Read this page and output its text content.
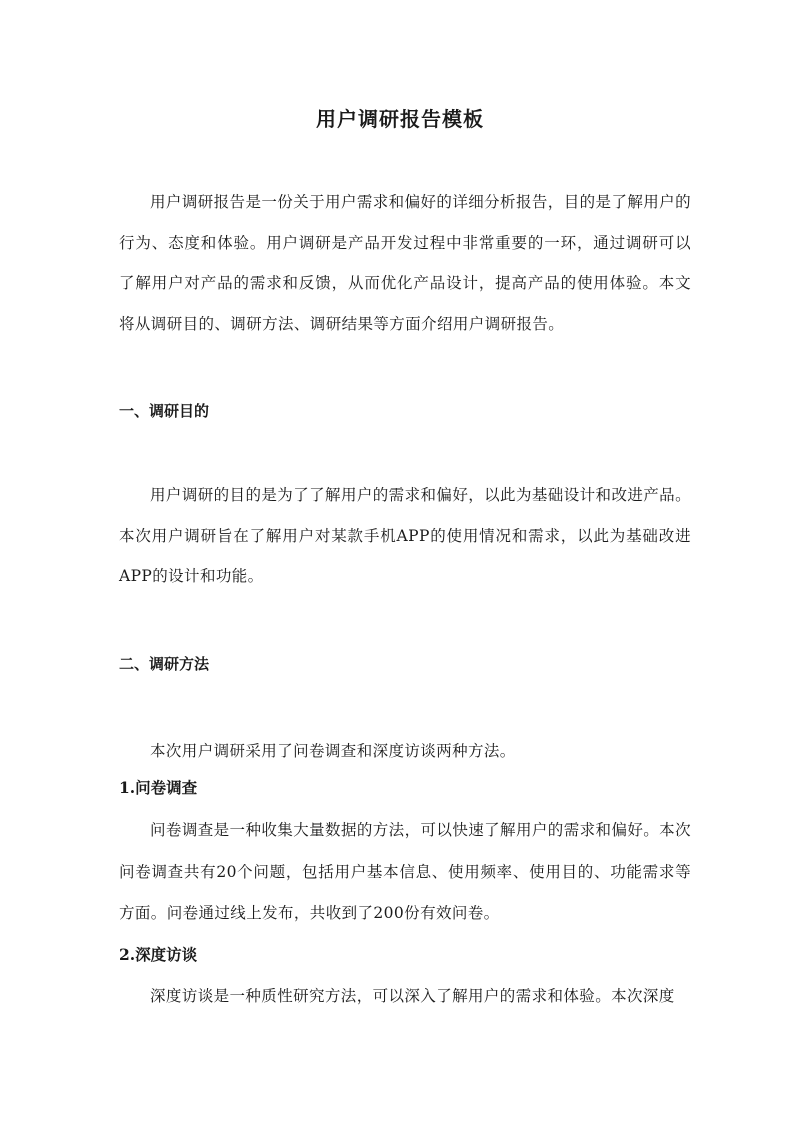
用户调研报告模板

用户调研报告是一份关于用户需求和偏好的详细分析报告，目的是了解用户的行为、态度和体验。用户调研是产品开发过程中非常重要的一环，通过调研可以了解用户对产品的需求和反馈，从而优化产品设计，提高产品的使用体验。本文将从调研目的、调研方法、调研结果等方面介绍用户调研报告。

一、调研目的

用户调研的目的是为了了解用户的需求和偏好，以此为基础设计和改进产品。本次用户调研旨在了解用户对某款手机APP的使用情况和需求，以此为基础改进APP的设计和功能。

二、调研方法

本次用户调研采用了问卷调查和深度访谈两种方法。

1.问卷调查

问卷调查是一种收集大量数据的方法，可以快速了解用户的需求和偏好。本次问卷调查共有20个问题，包括用户基本信息、使用频率、使用目的、功能需求等方面。问卷通过线上发布，共收到了200份有效问卷。

2.深度访谈

深度访谈是一种质性研究方法，可以深入了解用户的需求和体验。本次深度
